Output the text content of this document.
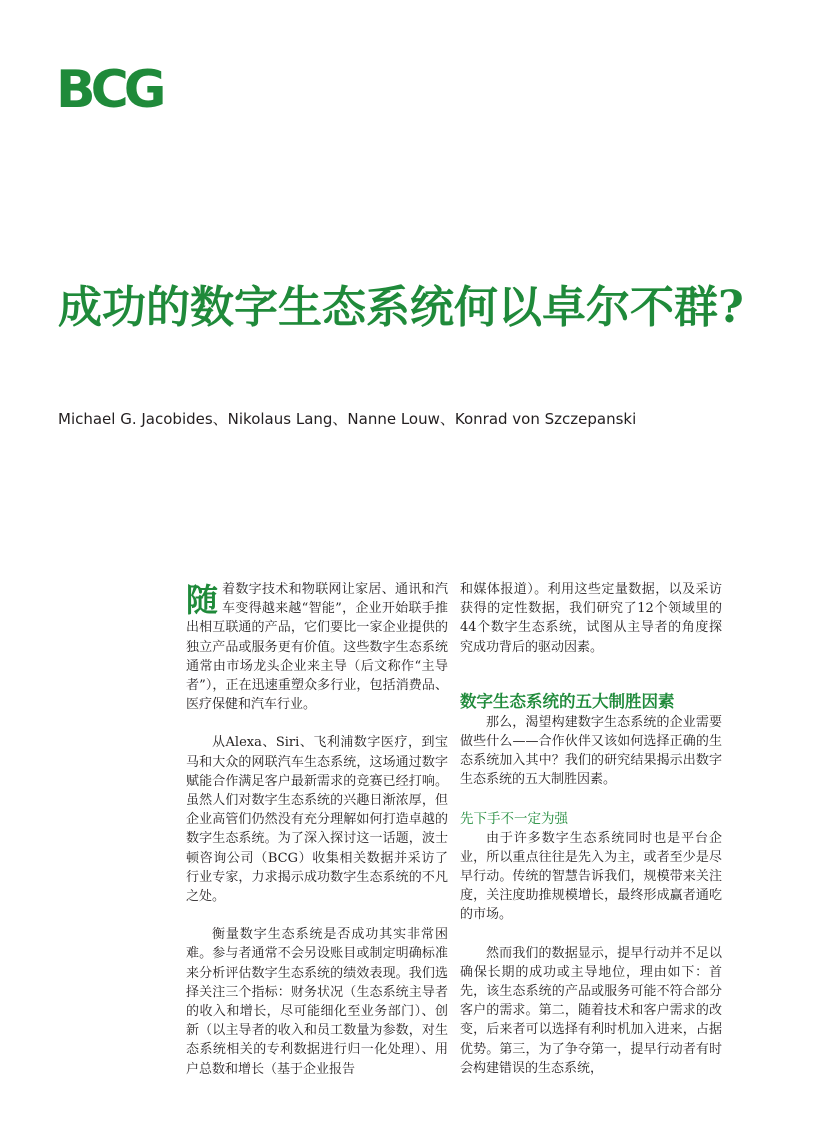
BCG
成功的数字生态系统何以卓尔不群?
Michael G. Jacobides、Nikolaus Lang、Nanne Louw、Konrad von Szczepanski

随着数字技术和物联网让家居、通讯和汽车变得越来越“智能”，企业开始联手推出相互联通的产品，它们要比一家企业提供的独立产品或服务更有价值。这些数字生态系统通常由市场龙头企业来主导（后文称作“主导者”），正在迅速重塑众多行业，包括消费品、医疗保健和汽车行业。

从Alexa、Siri、飞利浦数字医疗，到宝马和大众的网联汽车生态系统，这场通过数字赋能合作满足客户最新需求的竞赛已经打响。虽然人们对数字生态系统的兴趣日渐浓厚，但企业高管们仍然没有充分理解如何打造卓越的数字生态系统。为了深入探讨这一话题，波士顿咨询公司（BCG）收集相关数据并采访了行业专家，力求揭示成功数字生态系统的不凡之处。

衡量数字生态系统是否成功其实非常困难。参与者通常不会另设账目或制定明确标准来分析评估数字生态系统的绩效表现。我们选择关注三个指标：财务状况（生态系统主导者的收入和增长，尽可能细化至业务部门）、创新（以主导者的收入和员工数量为参数，对生态系统相关的专利数据进行归一化处理）、用户总数和增长（基于企业报告

和媒体报道）。利用这些定量数据，以及采访获得的定性数据，我们研究了12个领域里的44个数字生态系统，试图从主导者的角度探究成功背后的驱动因素。

数字生态系统的五大制胜因素

那么，渴望构建数字生态系统的企业需要做些什么——合作伙伴又该如何选择正确的生态系统加入其中？我们的研究结果揭示出数字生态系统的五大制胜因素。

先下手不一定为强

由于许多数字生态系统同时也是平台企业，所以重点往往是先入为主，或者至少是尽早行动。传统的智慧告诉我们，规模带来关注度，关注度助推规模增长，最终形成赢者通吃的市场。

然而我们的数据显示，提早行动并不足以确保长期的成功或主导地位，理由如下：首先，该生态系统的产品或服务可能不符合部分客户的需求。第二，随着技术和客户需求的改变，后来者可以选择有利时机加入进来，占据优势。第三，为了争夺第一，提早行动者有时会构建错误的生态系统，
